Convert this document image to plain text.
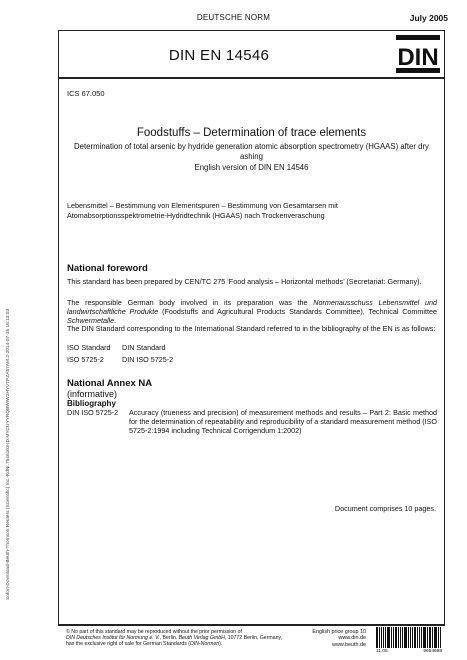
DEUTSCHE NORM	July 2005
DIN EN 14546	DIN
ICS 67.050
Foodstuffs – Determination of trace elements
Determination of total arsenic by hydride generation atomic absorption spectrometry (HGAAS) after dry ashing
English version of DIN EN 14546
Lebensmittel – Bestimmung von Elementspuren – Bestimmung von Gesamtarsen mit Atomabsorptionsspektrometrie-Hydridtechnik (HGAAS) nach Trockenveraschung
National foreword
This standard has been prepared by CEN/TC 275 ‘Food analysis – Horizontal methods’ (Secretariat: Germany).
The responsible German body involved in its preparation was the Normenausschuss Lebensmittel und landwirtschaftliche Produkte (Foodstuffs and Agricultural Products Standards Committee), Technical Committee Schwermetalle.
The DIN Standard corresponding to the International Standard referred to in the bibliography of the EN is as follows:
ISO Standard DIN Standard
ISO 5725-2	DIN ISO 5725-2
National Annex NA
(informative)
Bibliography
DIN ISO 5725-2 Accuracy (trueness and precision) of measurement methods and results – Part 2: Basic method for the determination of repeatability and reproducibility of a standard measurement method (ISO 5725-2:1994 including Technical Corrigendum 1:2002)
Document comprises 10 pages.
© No part of this standard may be reproduced without the prior permission of
DIN Deutsches Institut für Normung e. V., Berlin. Beuth Verlag GmbH, 10772 Berlin, Germany,
has the exclusive right of sale for German Standards (DIN-Normen).
English price group 10
www.din.de
www.beuth.de
11.05	9654698
Sofort-Download-Beuth-Thomson Reuters (Scientific) Inc.-KdNr.7546103-ID.MYCUYYRQBWIW2HYVTPZA57AM.2-2014-07-16 16:13:03
